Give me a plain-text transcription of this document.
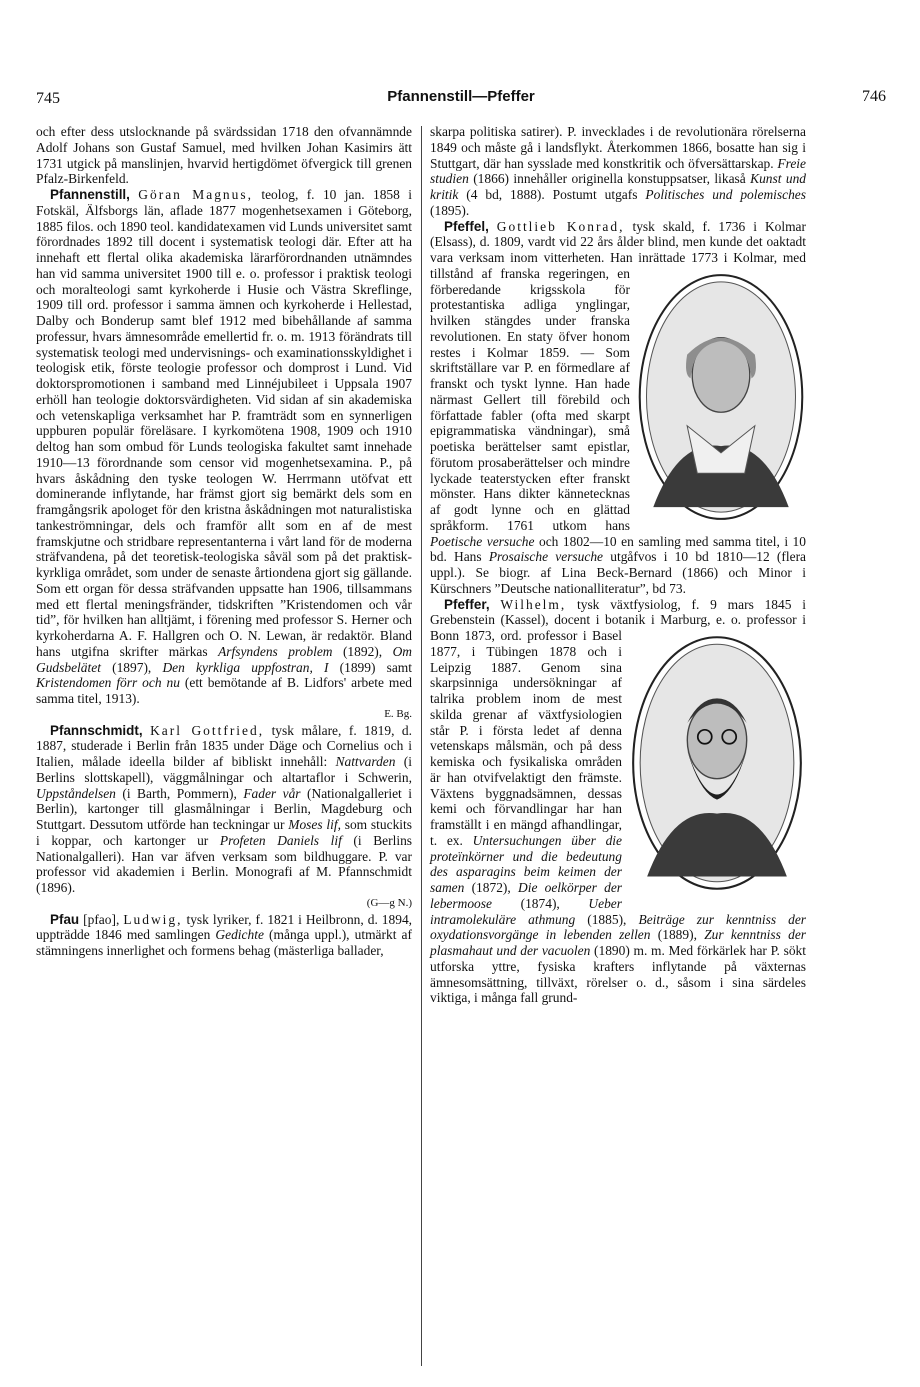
745	Pfannenstill—Pfeffer	746

och efter dess utslocknande på svärdssidan 1718 den ofvannämnde Adolf Johans son Gustaf Samuel, med hvilken Johan Kasimirs ätt 1731 utgick på manslinjen, hvarvid hertigdömet öfvergick till grenen Pfalz-Birkenfeld.

Pfannenstill, Göran Magnus, teolog, f. 10 jan. 1858 i Fotskäl, Älfsborgs län, aflade 1877 mogenhetsexamen i Göteborg, 1885 filos. och 1890 teol. kandidatexamen vid Lunds universitet samt förordnades 1892 till docent i systematisk teologi där. Efter att ha innehaft ett flertal olika akademiska lärarförordnanden utnämndes han vid samma universitet 1900 till e. o. professor i praktisk teologi och moralteologi samt kyrkoherde i Husie och Västra Skreflinge, 1909 till ord. professor i samma ämnen och kyrkoherde i Hellestad, Dalby och Bonderup samt blef 1912 med bibehållande af samma professur, hvars ämnesområde emellertid fr. o. m. 1913 förändrats till systematisk teologi med undervisnings- och examinationsskyldighet i teologisk etik, förste teologie professor och domprost i Lund. Vid doktorspromotionen i samband med Linnéjubileet i Uppsala 1907 erhöll han teologie doktorsvärdigheten. Vid sidan af sin akademiska och vetenskapliga verksamhet har P. framträdt som en synnerligen uppburen populär föreläsare. I kyrkomötena 1908, 1909 och 1910 deltog han som ombud för Lunds teologiska fakultet samt innehade 1910—13 förordnande som censor vid mogenhetsexamina. P., på hvars åskådning den tyske teologen W. Herrmann utöfvat ett dominerande inflytande, har främst gjort sig bemärkt dels som en framgångsrik apologet för den kristna åskådningen mot naturalistiska tankeströmningar, dels och framför allt som en af de mest framskjutne och stridbare representanterna i vårt land för de moderna sträfvandena, på det teoretisk-teologiska såväl som på det praktisk-kyrkliga området, som under de senaste årtiondena gjort sig gällande. Som ett organ för dessa sträfvanden uppsatte han 1906, tillsammans med ett flertal meningsfränder, tidskriften ”Kristendomen och vår tid”, för hvilken han alltjämt, i förening med professor S. Herner och kyrkoherdarna A. F. Hallgren och O. N. Lewan, är redaktör. Bland hans utgifna skrifter märkas Arfsyndens problem (1892), Om Gudsbelätet (1897), Den kyrkliga uppfostran, I (1899) samt Kristendomen förr och nu (ett bemötande af B. Lidfors' arbete med samma titel, 1913).
E. Bg.

Pfannschmidt, Karl Gottfried, tysk målare, f. 1819, d. 1887, studerade i Berlin från 1835 under Däge och Cornelius och i Italien, målade ideella bilder af bibliskt innehåll: Nattvarden (i Berlins slottskapell), väggmålningar och altartaflor i Schwerin, Uppståndelsen (i Barth, Pommern), Fader vår (Nationalgalleriet i Berlin), kartonger till glasmålningar i Berlin, Magdeburg och Stuttgart. Dessutom utförde han teckningar ur Moses lif, som stuckits i koppar, och kartonger ur Profeten Daniels lif (i Berlins Nationalgalleri). Han var äfven verksam som bildhuggare. P. var professor vid akademien i Berlin. Monografi af M. Pfannschmidt (1896).
(G—g N.)

Pfau [pfao], Ludwig, tysk lyriker, f. 1821 i Heilbronn, d. 1894, uppträdde 1846 med samlingen Gedichte (många uppl.), utmärkt af stämningens innerlighet och formens behag (mästerliga ballader,

skarpa politiska satirer). P. invecklades i de revolutionära rörelserna 1849 och måste gå i landsflykt. Återkommen 1866, bosatte han sig i Stuttgart, där han sysslade med konstkritik och öfversättarskap. Freie studien (1866) innehåller originella konstuppsatser, likaså Kunst und kritik (4 bd, 1888). Postumt utgafs Politisches und polemisches (1895).

Pfeffel, Gottlieb Konrad, tysk skald, f. 1736 i Kolmar (Elsass), d. 1809, vardt vid 22 års ålder blind, men kunde det oaktadt vara verksam inom vitterheten. Han inrättade 1773 i Kolmar,
med tillstånd af franska regeringen, en förberedande krigsskola för protestantiska adliga ynglingar, hvilken stängdes under franska revolutionen. En staty öfver honom restes i Kolmar 1859. — Som skriftställare var P. en förmedlare af franskt och tyskt lynne. Han hade närmast Gellert till förebild och författade fabler (ofta med skarpt epigrammatiska vändningar), små poetiska berättelser samt epistlar, förutom prosaberättelser och mindre lyckade teaterstycken efter franskt mönster. Hans dikter kännetecknas af godt lynne och en glättad språkform. 1761 utkom hans Poetische versuche och 1802—10 en samling med samma titel, i 10 bd. Hans Prosaische versuche utgåfvos i 10 bd 1810—12 (flera uppl.). Se biogr. af Lina Beck-Bernard (1866) och Minor i Kürschners ”Deutsche nationalliteratur”, bd 73.

Pfeffer, Wilhelm, tysk växtfysiolog, f. 9 mars 1845 i Grebenstein (Kassel), docent i botanik i Marburg, e. o. professor i Bonn 1873, ord.
professor i Basel 1877, i Tübingen 1878 och i Leipzig 1887. Genom sina skarpsinniga undersökningar af talrika problem inom de mest skilda grenar af växtfysiologien står P. i första ledet af denna vetenskaps målsmän, och på dess kemiska och fysikaliska områden är han otvifvelaktigt den främste. Växtens byggnadsämnen, dessas kemi och förvandlingar har han framställt i en mängd afhandlingar, t. ex. Untersuchungen über die proteïnkörner und die bedeutung des asparagins beim keimen der samen (1872), Die oelkörper der lebermoose (1874), Ueber intramolekuläre athmung (1885), Beiträge zur kenntniss der oxydationsvorgänge in lebenden zellen (1889), Zur kenntniss der plasmahaut und der vacuolen (1890) m. m. Med förkärlek har P. sökt utforska yttre, fysiska krafters inflytande på växternas ämnesomsättning, tillväxt, rörelser o. d., såsom i sina särdeles viktiga, i många fall grund-
